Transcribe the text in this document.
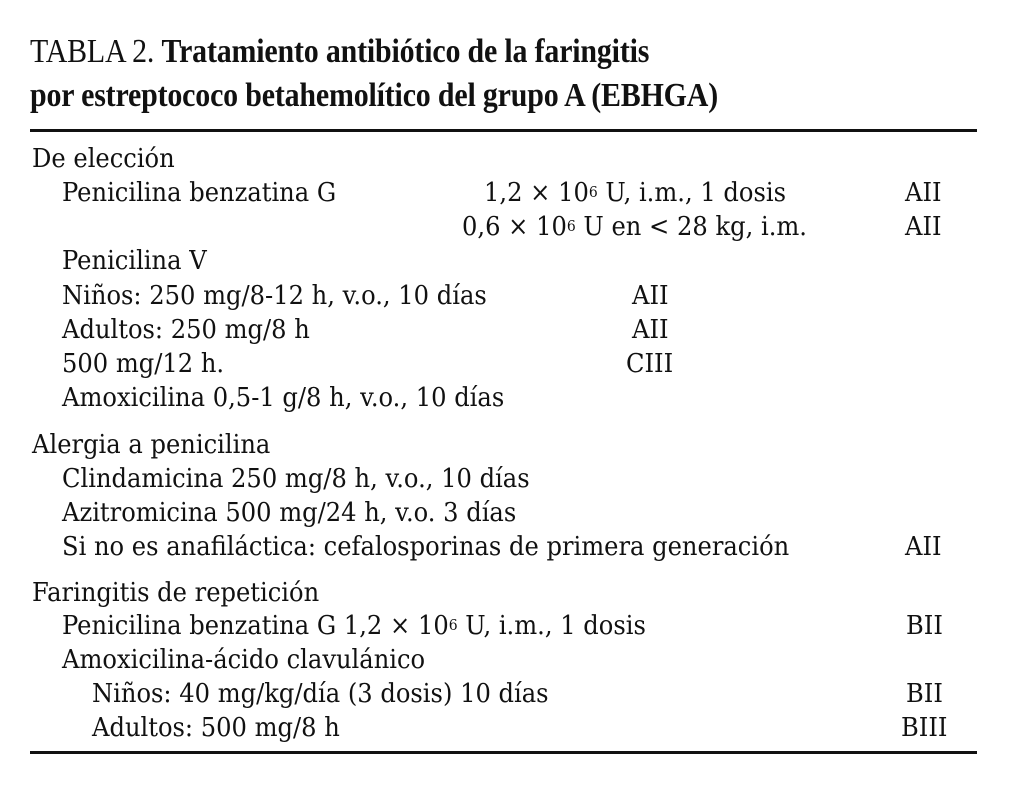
TABLA 2. Tratamiento antibiótico de la faringitis
por estreptococo betahemolítico del grupo A (EBHGA)
De elección
Penicilina benzatina G	$1,2 \times 10^6$ U, i.m., 1 dosis	AII
$0,6 \times 10^6$ U en < 28 kg, i.m.	AII
Penicilina V
Niños: 250 mg/8-12 h, v.o., 10 días	AII
Adultos: 250 mg/8 h	AII
500 mg/12 h.	CIII
Amoxicilina 0,5-1 g/8 h, v.o., 10 días
Alergia a penicilina
Clindamicina 250 mg/8 h, v.o., 10 días
Azitromicina 500 mg/24 h, v.o. 3 días
Si no es anafiláctica: cefalosporinas de primera generación	AII
Faringitis de repetición
Penicilina benzatina G $1,2 \times 10^6$ U, i.m., 1 dosis	BII
Amoxicilina-ácido clavulánico
Niños: 40 mg/kg/día (3 dosis) 10 días	BII
Adultos: 500 mg/8 h	BIII
